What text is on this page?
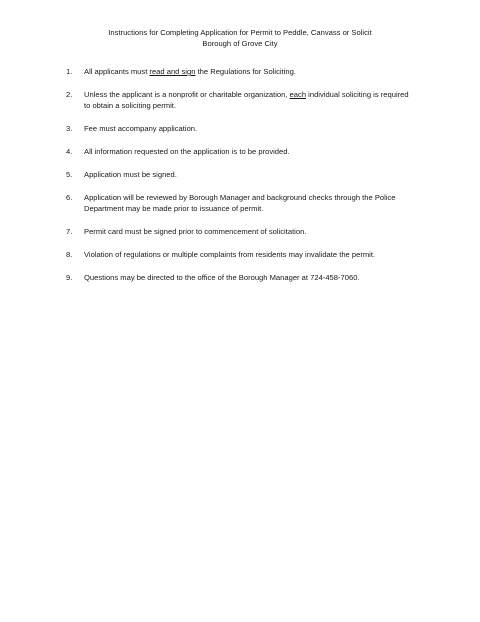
Instructions for Completing Application for Permit to Peddle, Canvass or Solicit
Borough of Grove City
1. All applicants must read and sign the Regulations for Soliciting.
2. Unless the applicant is a nonprofit or charitable organization, each individual soliciting is required to obtain a soliciting permit.
3. Fee must accompany application.
4. All information requested on the application is to be provided.
5. Application must be signed.
6. Application will be reviewed by Borough Manager and background checks through the Police Department may be made prior to issuance of permit.
7. Permit card must be signed prior to commencement of solicitation.
8. Violation of regulations or multiple complaints from residents may invalidate the permit.
9. Questions may be directed to the office of the Borough Manager at 724-458-7060.
